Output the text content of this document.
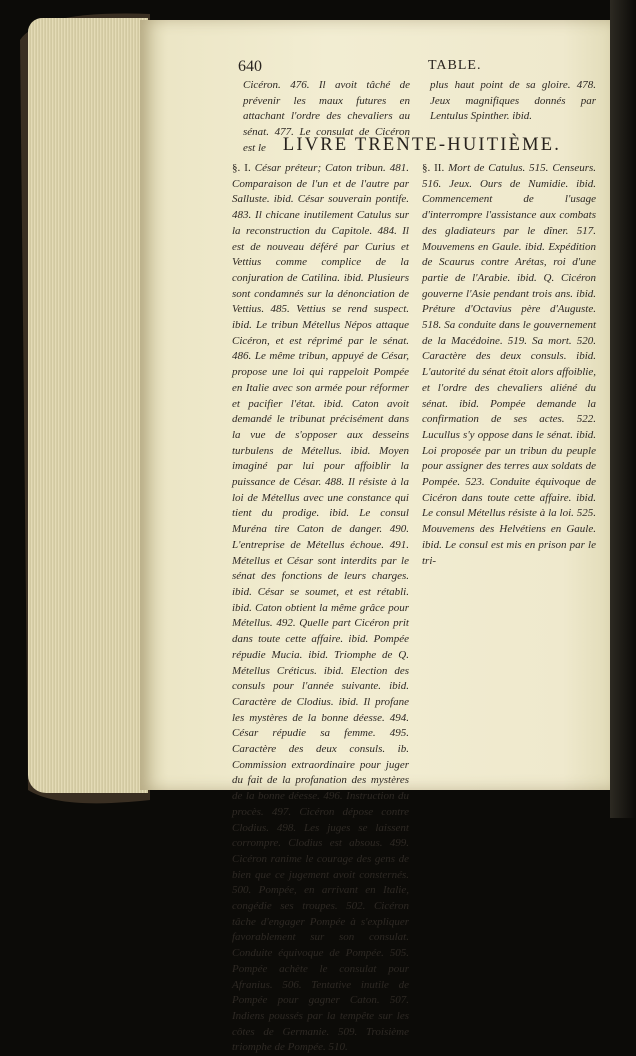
640	TABLE.

Cicéron. 476. Il avoit tâché de prévenir les maux futures en attachant l'ordre des chevaliers au sénat. 477. Le consulat de Cicéron est le

plus haut point de sa gloire. 478. Jeux magnifiques donnés par Lentulus Spinther. ibid.

LIVRE TRENTE-HUITIÈME.

§. I. César préteur; Caton tribun. 481. Comparaison de l'un et de l'autre par Salluste. ibid. César souverain pontife. 483. Il chicane inutilement Catulus sur la reconstruction du Capitole. 484. Il est de nouveau déféré par Curius et Vettius comme complice de la conjuration de Catilina. ibid. Plusieurs sont condamnés sur la dénonciation de Vettius. 485. Vettius se rend suspect. ibid. Le tribun Métellus Népos attaque Cicéron, et est réprimé par le sénat. 486. Le même tribun, appuyé de César, propose une loi qui rappeloit Pompée en Italie avec son armée pour réformer et pacifier l'état. ibid. Caton avoit demandé le tribunat précisément dans la vue de s'opposer aux desseins turbulens de Métellus. ibid. Moyen imaginé par lui pour affoiblir la puissance de César. 488. Il résiste à la loi de Métellus avec une constance qui tient du prodige. ibid. Le consul Muréna tire Caton de danger. 490. L'entreprise de Métellus échoue. 491. Métellus et César sont interdits par le sénat des fonctions de leurs charges. ibid. César se soumet, et est rétabli. ibid. Caton obtient la même grâce pour Métellus. 492. Quelle part Cicéron prit dans toute cette affaire. ibid. Pompée répudie Mucia. ibid. Triomphe de Q. Métellus Créticus. ibid. Election des consuls pour l'année suivante. ibid. Caractère de Clodius. ibid. Il profane les mystères de la bonne déesse. 494. César répudie sa femme. 495. Caractère des deux consuls. ib. Commission extraordinaire pour juger du fait de la profanation des mystères de la bonne déesse. 496. Instruction du procès. 497. Cicéron dépose contre Clodius. 498. Les juges se laissent corrompre. Clodius est absous. 499. Cicéron ranime le courage des gens de bien que ce jugement avoit consternés. 500. Pompée, en arrivant en Italie, congédie ses troupes. 502. Cicéron tâche d'engager Pompée à s'expliquer favorablement sur son consulat. Conduite équivoque de Pompée. 505. Pompée achète le consulat pour Afranius. 506. Tentative inutile de Pompée pour gagner Caton. 507. Indiens poussés par la tempête sur les côtes de Germanie. 509. Troisième triomphe de Pompée. 510.

§. II. Mort de Catulus. 515. Censeurs. 516. Jeux. Ours de Numidie. ibid. Commencement de l'usage d'interrompre l'assistance aux combats des gladiateurs par le dîner. 517. Mouvemens en Gaule. ibid. Expédition de Scaurus contre Arétas, roi d'une partie de l'Arabie. ibid. Q. Cicéron gouverne l'Asie pendant trois ans. ibid. Préture d'Octavius père d'Auguste. 518. Sa conduite dans le gouvernement de la Macédoine. 519. Sa mort. 520. Caractère des deux consuls. ibid. L'autorité du sénat étoit alors affoiblie, et l'ordre des chevaliers aliéné du sénat. ibid. Pompée demande la confirmation de ses actes. 522. Lucullus s'y oppose dans le sénat. ibid. Loi proposée par un tribun du peuple pour assigner des terres aux soldats de Pompée. 523. Conduite équivoque de Cicéron dans toute cette affaire. ibid. Le consul Métellus résiste à la loi. 525. Mouvemens des Helvétiens en Gaule. ibid. Le consul est mis en prison par le tri-
